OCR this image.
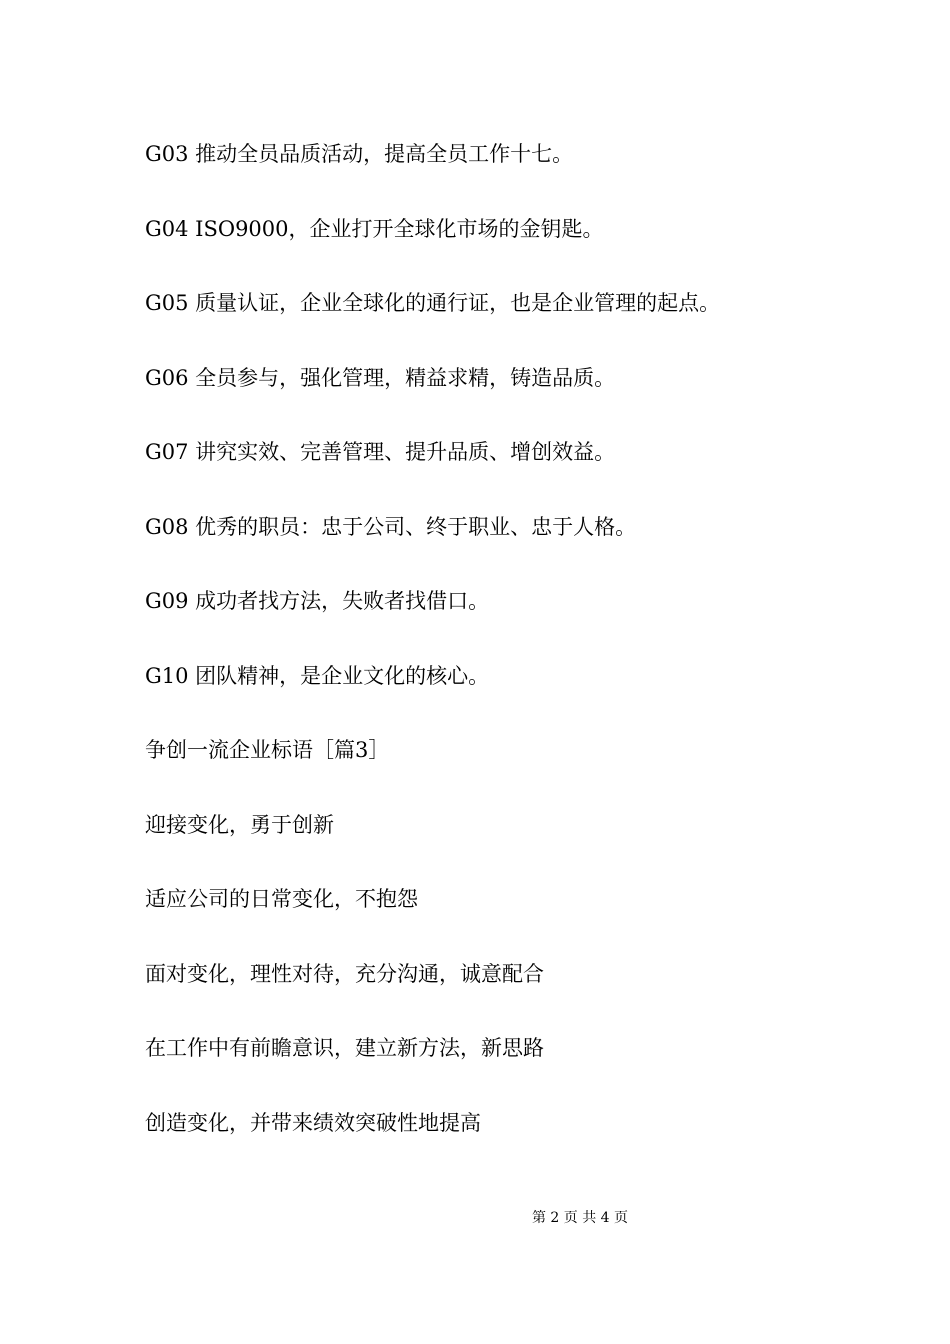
G03 推动全员品质活动，提高全员工作十七。
G04 ISO9000，企业打开全球化市场的金钥匙。
G05 质量认证，企业全球化的通行证，也是企业管理的起点。
G06 全员参与，强化管理，精益求精，铸造品质。
G07 讲究实效、完善管理、提升品质、增创效益。
G08 优秀的职员：忠于公司、终于职业、忠于人格。
G09 成功者找方法，失败者找借口。
G10 团队精神，是企业文化的核心。
争创一流企业标语［篇3］
迎接变化，勇于创新
适应公司的日常变化，不抱怨
面对变化，理性对待，充分沟通，诚意配合
在工作中有前瞻意识，建立新方法，新思路
创造变化，并带来绩效突破性地提高
第 2 页 共 4 页
